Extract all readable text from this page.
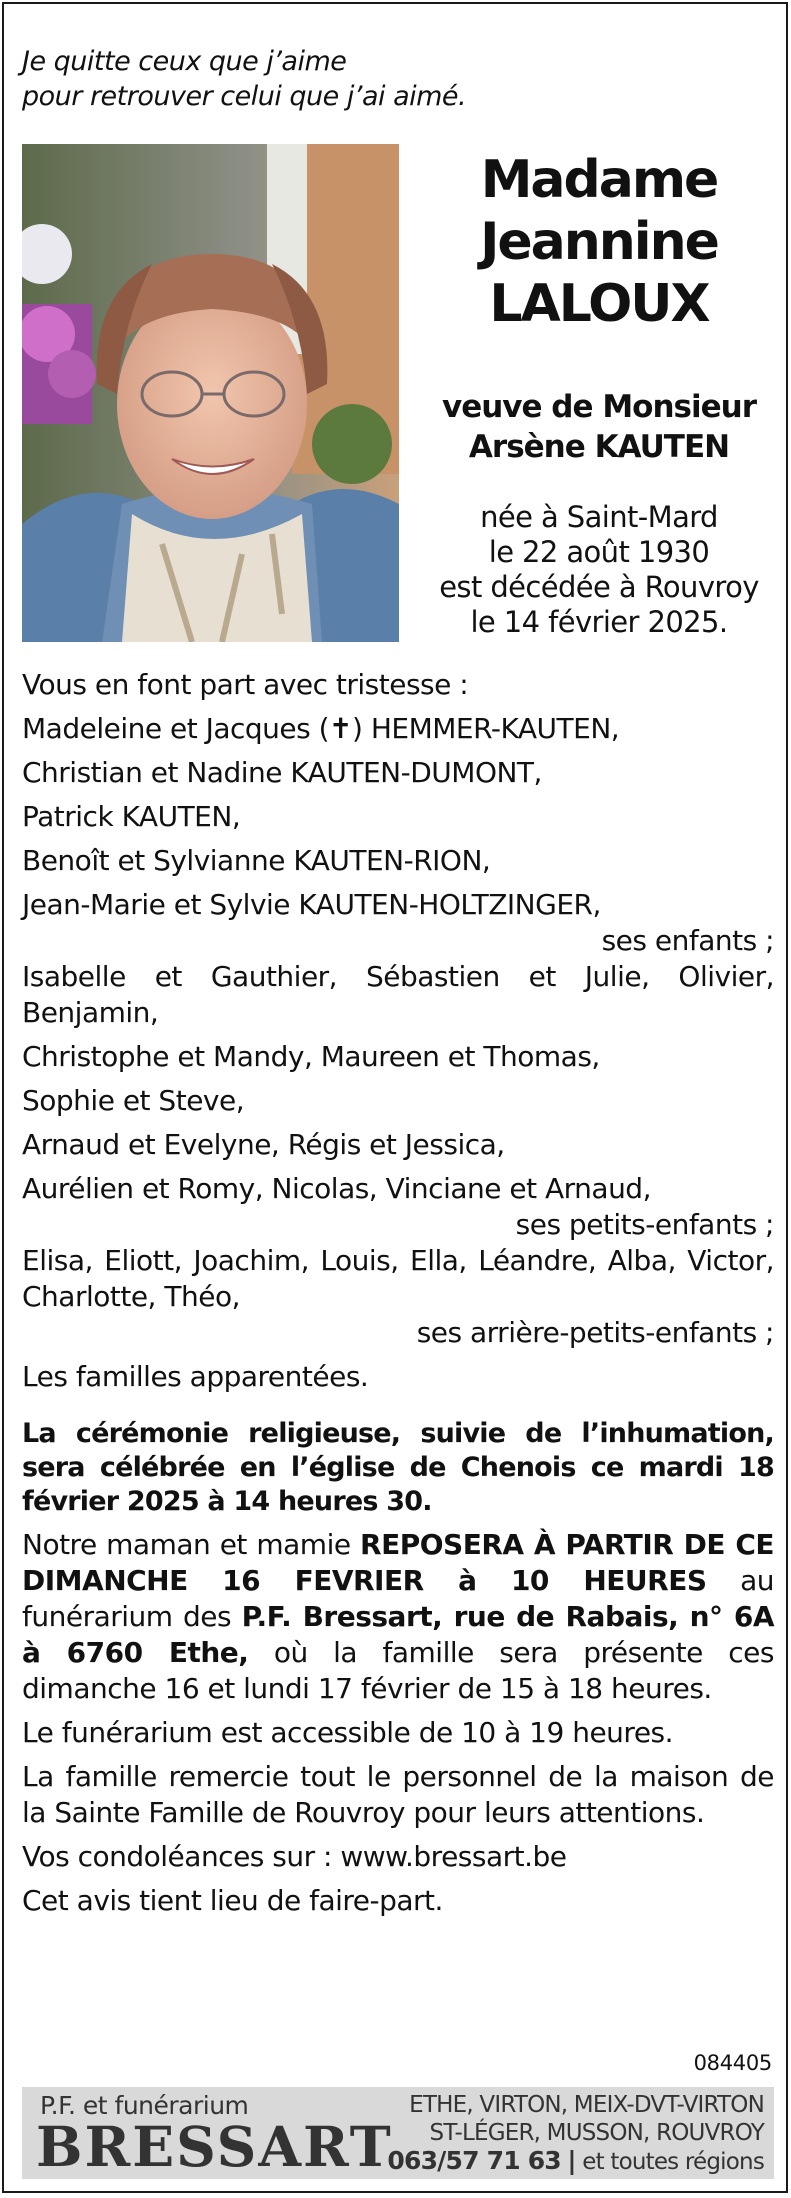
Je quitte ceux que j’aime
pour retrouver celui que j’ai aimé.
Madame
Jeannine
LALOUX
veuve de Monsieur
Arsène KAUTEN
née à Saint-Mard
le 22 août 1930
est décédée à Rouvroy
le 14 février 2025.

Vous en font part avec tristesse :

Madeleine et Jacques (✝) HEMMER-KAUTEN,

Christian et Nadine KAUTEN-DUMONT,

Patrick KAUTEN,

Benoît et Sylvianne KAUTEN-RION,

Jean-Marie et Sylvie KAUTEN-HOLTZINGER,

ses enfants ;

Isabelle et Gauthier, Sébastien et Julie, Olivier, Benjamin,

Christophe et Mandy, Maureen et Thomas,

Sophie et Steve,

Arnaud et Evelyne, Régis et Jessica,

Aurélien et Romy, Nicolas, Vinciane et Arnaud,

ses petits-enfants ;

Elisa, Eliott, Joachim, Louis, Ella, Léandre, Alba, Victor, Charlotte, Théo,

ses arrière-petits-enfants ;

Les familles apparentées.

La cérémonie religieuse, suivie de l’inhumation, sera célébrée en l’église de Chenois ce mardi 18 février 2025 à 14 heures 30.

Notre maman et mamie REPOSERA À PARTIR DE CE DIMANCHE 16 FEVRIER à 10 HEURES au funérarium des P.F. Bressart, rue de Rabais, n° 6A à 6760 Ethe, où la famille sera présente ces dimanche 16 et lundi 17 février de 15 à 18 heures.

Le funérarium est accessible de 10 à 19 heures.

La famille remercie tout le personnel de la maison de la Sainte Famille de Rouvroy pour leurs attentions.

Vos condoléances sur : www.bressart.be

Cet avis tient lieu de faire-part.

084405
P.F. et funérarium
BRESSART
ETHE, VIRTON, MEIX-DVT-VIRTON
ST-LÉGER, MUSSON, ROUVROY
063/57 71 63 | et toutes régions
